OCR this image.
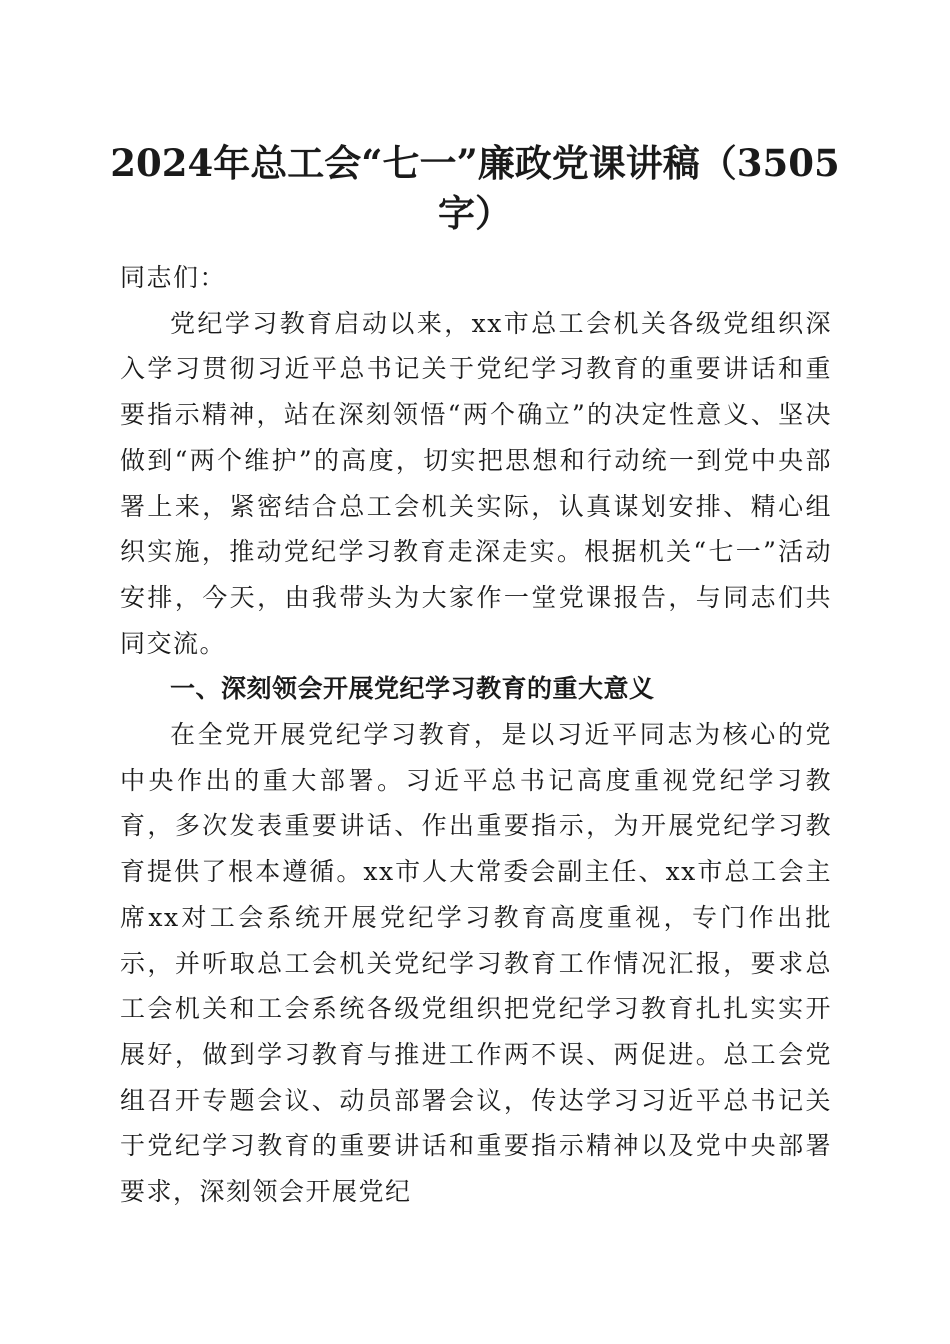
2024年总工会“七一”廉政党课讲稿（3505字）

同志们：

党纪学习教育启动以来，xx市总工会机关各级党组织深入学习贯彻习近平总书记关于党纪学习教育的重要讲话和重要指示精神，站在深刻领悟“两个确立”的决定性意义、坚决做到“两个维护”的高度，切实把思想和行动统一到党中央部署上来，紧密结合总工会机关实际，认真谋划安排、精心组织实施，推动党纪学习教育走深走实。根据机关“七一”活动安排，今天，由我带头为大家作一堂党课报告，与同志们共同交流。

一、深刻领会开展党纪学习教育的重大意义

在全党开展党纪学习教育，是以习近平同志为核心的党中央作出的重大部署。习近平总书记高度重视党纪学习教育，多次发表重要讲话、作出重要指示，为开展党纪学习教育提供了根本遵循。xx市人大常委会副主任、xx市总工会主席xx对工会系统开展党纪学习教育高度重视，专门作出批示，并听取总工会机关党纪学习教育工作情况汇报，要求总工会机关和工会系统各级党组织把党纪学习教育扎扎实实开展好，做到学习教育与推进工作两不误、两促进。总工会党组召开专题会议、动员部署会议，传达学习习近平总书记关于党纪学习教育的重要讲话和重要指示精神以及党中央部署要求，深刻领会开展党纪
